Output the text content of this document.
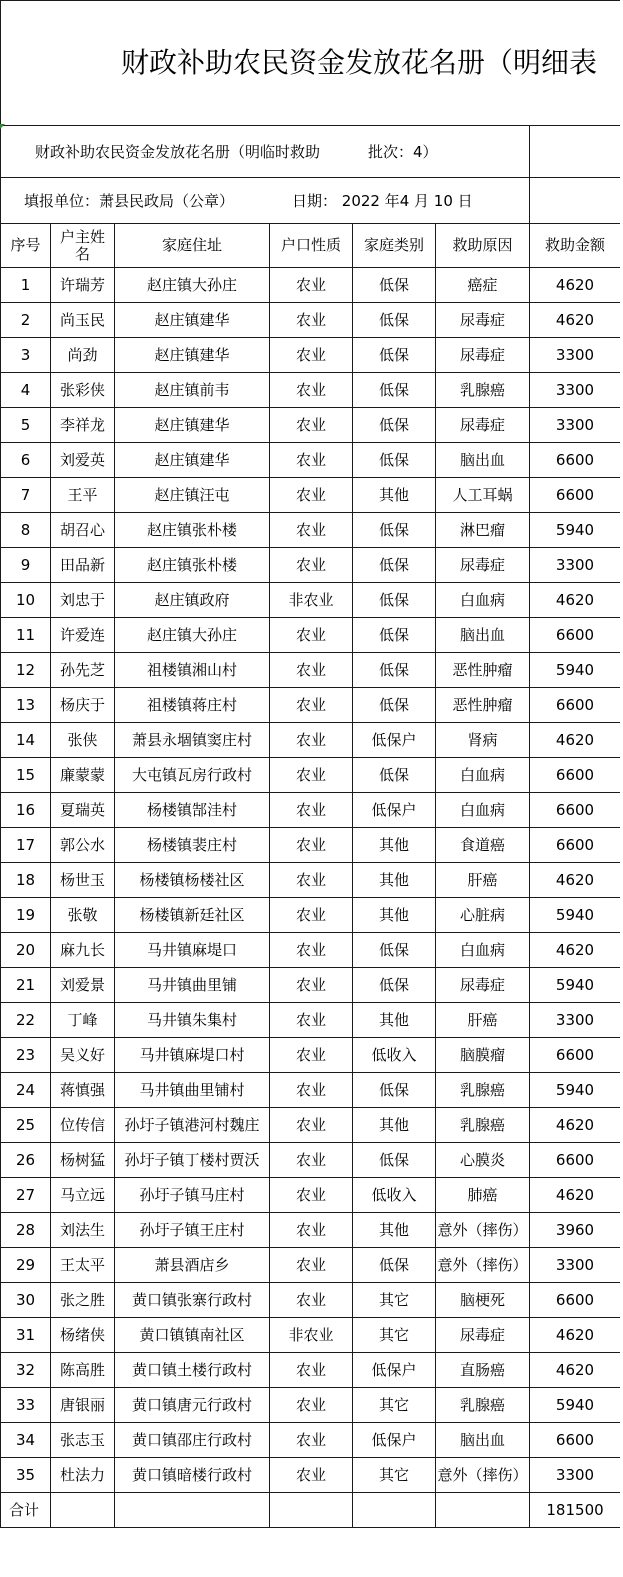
财政补助农民资金发放花名册（明细表						
财政补助农民资金发放花名册（明临时救助 批次：4）						
填报单位：萧县民政局（公章） 日期： 2022 年4 月 10 日						
序号	户主姓名	家庭住址	户口性质	家庭类别	救助原因	救助金额
1	许瑞芳	赵庄镇大孙庄	农业	低保	癌症	4620
2	尚玉民	赵庄镇建华	农业	低保	尿毒症	4620
3	尚劲	赵庄镇建华	农业	低保	尿毒症	3300
4	张彩侠	赵庄镇前韦	农业	低保	乳腺癌	3300
5	李祥龙	赵庄镇建华	农业	低保	尿毒症	3300
6	刘爱英	赵庄镇建华	农业	低保	脑出血	6600
7	王平	赵庄镇汪屯	农业	其他	人工耳蜗	6600
8	胡召心	赵庄镇张朴楼	农业	低保	淋巴瘤	5940
9	田品新	赵庄镇张朴楼	农业	低保	尿毒症	3300
10	刘忠于	赵庄镇政府	非农业	低保	白血病	4620
11	许爱连	赵庄镇大孙庄	农业	低保	脑出血	6600
12	孙先芝	祖楼镇湘山村	农业	低保	恶性肿瘤	5940
13	杨庆于	祖楼镇蒋庄村	农业	低保	恶性肿瘤	6600
14	张侠	萧县永堌镇窦庄村	农业	低保户	肾病	4620
15	廉蒙蒙	大屯镇瓦房行政村	农业	低保	白血病	6600
16	夏瑞英	杨楼镇郜洼村	农业	低保户	白血病	6600
17	郭公水	杨楼镇裴庄村	农业	其他	食道癌	6600
18	杨世玉	杨楼镇杨楼社区	农业	其他	肝癌	4620
19	张敬	杨楼镇新廷社区	农业	其他	心脏病	5940
20	麻九长	马井镇麻堤口	农业	低保	白血病	4620
21	刘爱景	马井镇曲里铺	农业	低保	尿毒症	5940
22	丁峰	马井镇朱集村	农业	其他	肝癌	3300
23	吴义好	马井镇麻堤口村	农业	低收入	脑膜瘤	6600
24	蒋慎强	马井镇曲里铺村	农业	低保	乳腺癌	5940
25	位传信	孙圩子镇港河村魏庄	农业	其他	乳腺癌	4620
26	杨树猛	孙圩子镇丁楼村贾沃	农业	低保	心膜炎	6600
27	马立远	孙圩子镇马庄村	农业	低收入	肺癌	4620
28	刘法生	孙圩子镇王庄村	农业	其他	意外（摔伤）	3960
29	王太平	萧县酒店乡	农业	低保	意外（摔伤）	3300
30	张之胜	黄口镇张寨行政村	农业	其它	脑梗死	6600
31	杨绪侠	黄口镇镇南社区	非农业	其它	尿毒症	4620
32	陈高胜	黄口镇土楼行政村	农业	低保户	直肠癌	4620
33	唐银丽	黄口镇唐元行政村	农业	其它	乳腺癌	5940
34	张志玉	黄口镇邵庄行政村	农业	低保户	脑出血	6600
35	杜法力	黄口镇暗楼行政村	农业	其它	意外（摔伤）	3300
合计						181500
